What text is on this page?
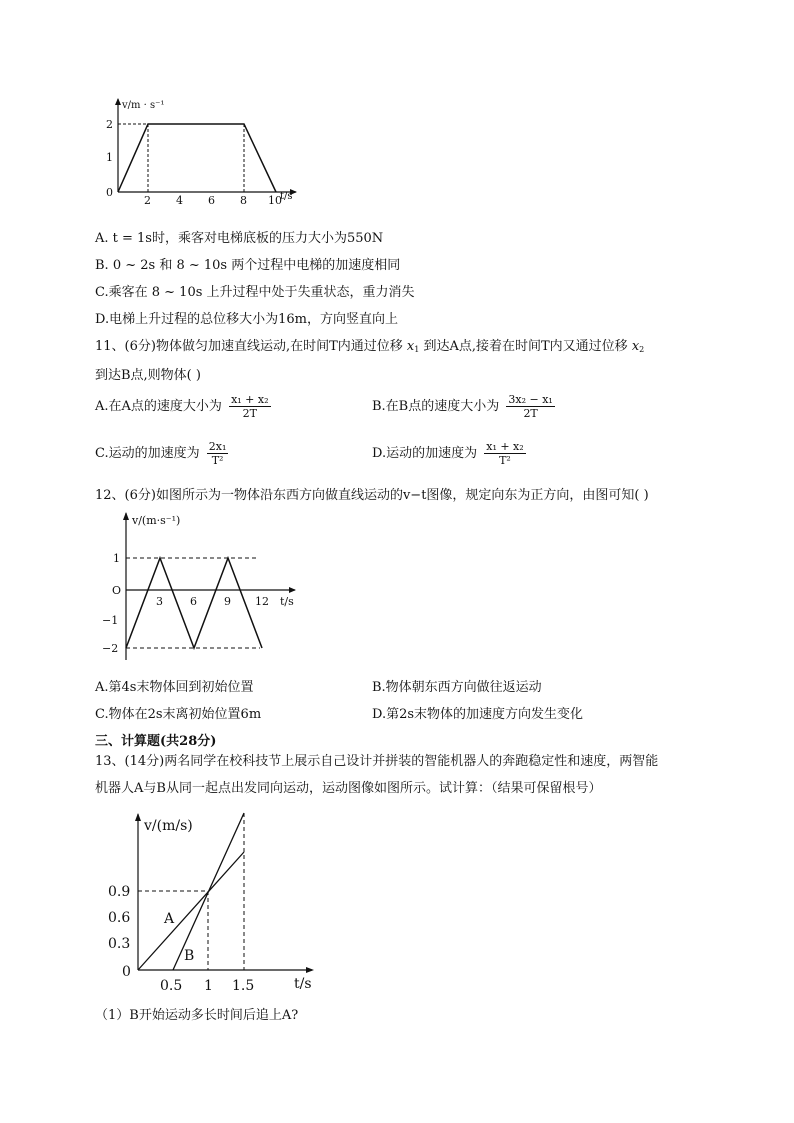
v/m · s⁻¹
t/s
2
1
0
2 4 6 8 10
A. t = 1s时，乘客对电梯底板的压力大小为550N
B. 0 ~ 2s 和 8 ~ 10s 两个过程中电梯的加速度相同
C.乘客在 8 ~ 10s 上升过程中处于失重状态，重力消失
D.电梯上升过程的总位移大小为16m，方向竖直向上
11、(6分)物体做匀加速直线运动,在时间T内通过位移 $x_1$ 到达A点,接着在时间T内又通过位移 $x_2$
到达B点,则物体( )
A.在A点的速度大小为 $\frac{\text{x₁ + x₂}}{2T}$	B.在B点的速度大小为 $\frac{\text{3x₂ − x₁}}{2T}$
C.运动的加速度为 $\frac{\text{2x₁}}{\text{T²}}$	D.运动的加速度为 $\frac{\text{x₁ + x₂}}{\text{T²}}$
12、(6分)如图所示为一物体沿东西方向做直线运动的v−t图像，规定向东为正方向，由图可知( )
v/(m·s⁻¹)
t/s
1
O
−1
−2
3 6 9 12
A.第4s末物体回到初始位置	B.物体朝东西方向做往返运动
C.物体在2s末离初始位置6m	D.第2s末物体的加速度方向发生变化
三、计算题(共28分)
13、(14分)两名同学在校科技节上展示自己设计并拼装的智能机器人的奔跑稳定性和速度，两智能
机器人A与B从同一起点出发同向运动，运动图像如图所示。试计算：（结果可保留根号）
v/(m/s)
t/s
0.9
0.6
0.3
0
0.5 1 1.5
A
B
（1）B开始运动多长时间后追上A?
